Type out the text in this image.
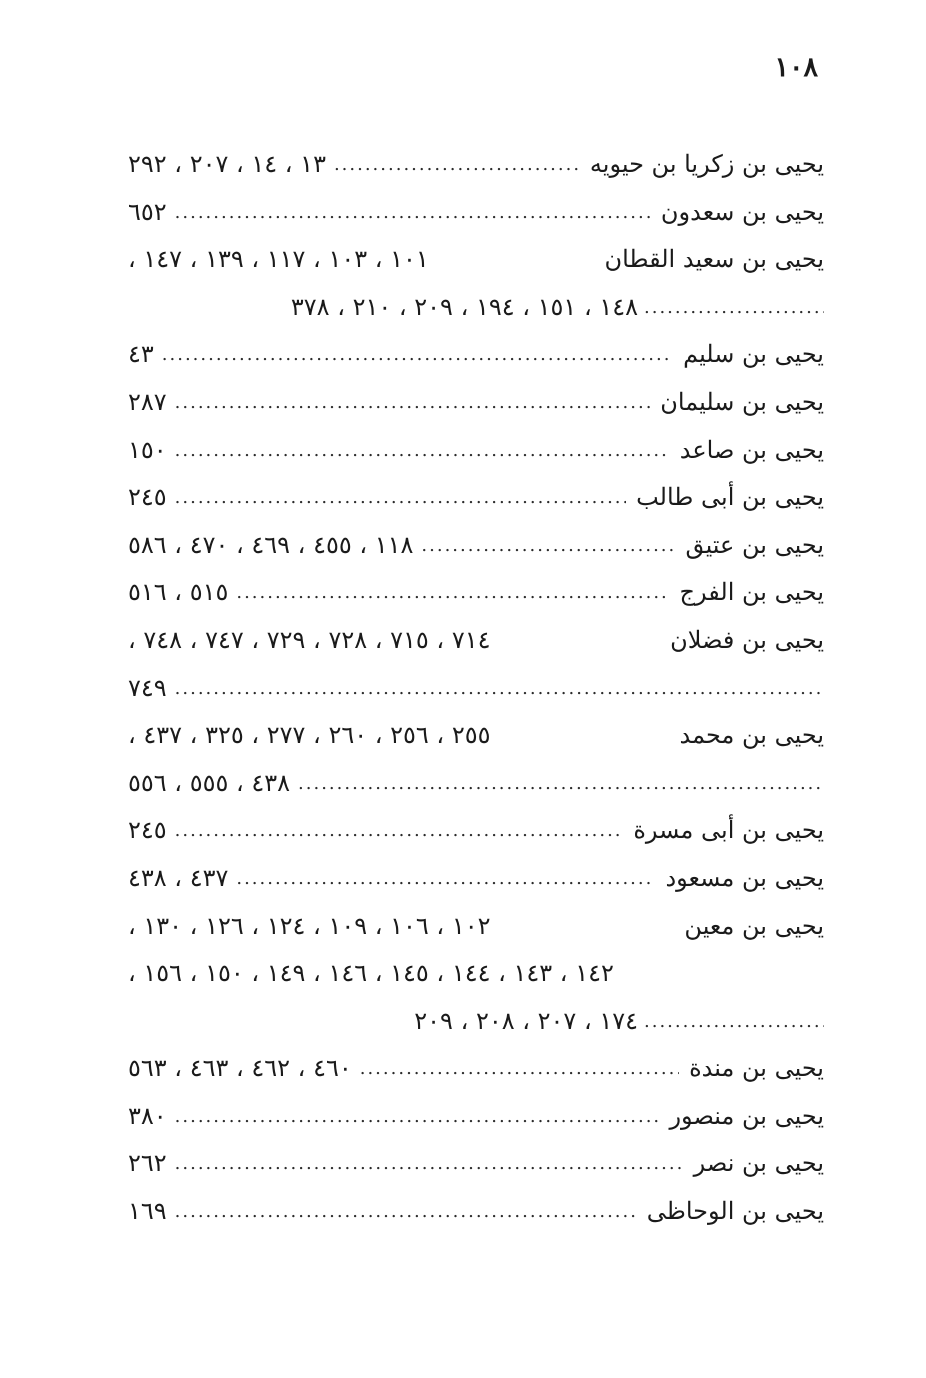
١٠٨
يحيى بن زكريا بن حيويه
.....
١٣ ، ١٤ ، ٢٠٧ ، ٢٩٢
يحيى بن سعدون
.....
٦٥٢
يحيى بن سعيد القطان
١٠١ ، ١٠٣ ، ١١٧ ، ١٣٩ ، ١٤٧ ،
.....
١٤٨ ، ١٥١ ، ١٩٤ ، ٢٠٩ ، ٢١٠ ، ٣٧٨
يحيى بن سليم
.....
٤٣
يحيى بن سليمان
.....
٢٨٧
يحيى بن صاعد
.....
١٥٠
يحيى بن أبى طالب
.....
٢٤٥
يحيى بن عتيق
.....
١١٨ ، ٤٥٥ ، ٤٦٩ ، ٤٧٠ ، ٥٨٦
يحيى بن الفرج
.....
٥١٥ ، ٥١٦
يحيى بن فضلان
٧١٤ ، ٧١٥ ، ٧٢٨ ، ٧٢٩ ، ٧٤٧ ، ٧٤٨ ،
.....
٧٤٩
يحيى بن محمد
٢٥٥ ، ٢٥٦ ، ٢٦٠ ، ٢٧٧ ، ٣٢٥ ، ٤٣٧ ،
.....
٤٣٨ ، ٥٥٥ ، ٥٥٦
يحيى بن أبى مسرة
.....
٢٤٥
يحيى بن مسعود
.....
٤٣٧ ، ٤٣٨
يحيى بن معين
١٠٢ ، ١٠٦ ، ١٠٩ ، ١٢٤ ، ١٢٦ ، ١٣٠ ،
١٤٢ ، ١٤٣ ، ١٤٤ ، ١٤٥ ، ١٤٦ ، ١٤٩ ، ١٥٠ ، ١٥٦ ،
.....
١٧٤ ، ٢٠٧ ، ٢٠٨ ، ٢٠٩
يحيى بن مندة
.....
٤٦٠ ، ٤٦٢ ، ٤٦٣ ، ٥٦٣
يحيى بن منصور
.....
٣٨٠
يحيى بن نصر
.....
٢٦٢
يحيى بن الوحاظى
.....
١٦٩
